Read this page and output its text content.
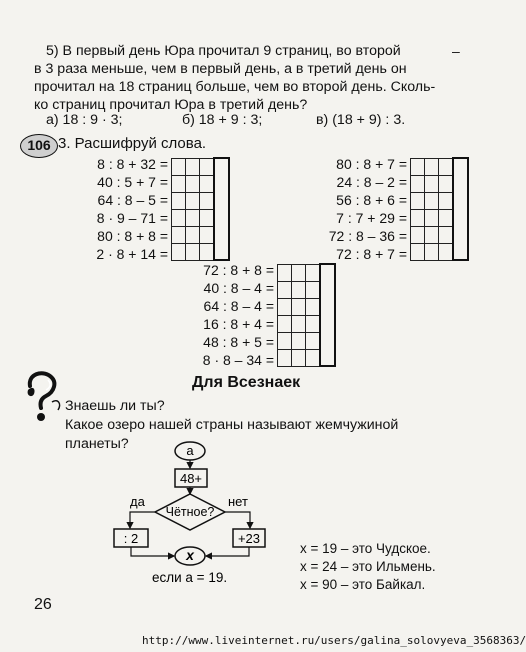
5) В первый день Юра прочитал 9 страниц, во второй	–
в 3 раза меньше, чем в первый день, а в третий день он
прочитал на 18 страниц больше, чем во второй день. Сколь-
ко страниц прочитал Юра в третий день?
а) 18 : 9 · 3;	б) 18 + 9 : 3;	в) (18 + 9) : 3.
106 3. Расшифруй слова.
8 : 8 + 32 =
40 : 5 + 7 =
64 : 8 – 5 =
8 · 9 – 71 =
80 : 8 + 8 =
2 · 8 + 14 =

80 : 8 + 7 =
24 : 8 – 2 =
56 : 8 + 6 =
7 : 7 + 29 =
72 : 8 – 36 =
72 : 8 + 7 =

72 : 8 + 8 =
40 : 8 – 4 =
64 : 8 – 4 =
16 : 8 + 4 =
48 : 8 + 5 =
8 · 8 – 34 =

Для Всезнаек
Знаешь ли ты?
Какое озеро нашей страны называют жемчужиной
планеты?	a
48+
Чётное?
да
: 2
нет
+23
x
если a = 19.
x = 19 – это Чудское.
x = 24 – это Ильмень.
x = 90 – это Байкал.
26
http://www.liveinternet.ru/users/galina_solovyeva_3568363/
